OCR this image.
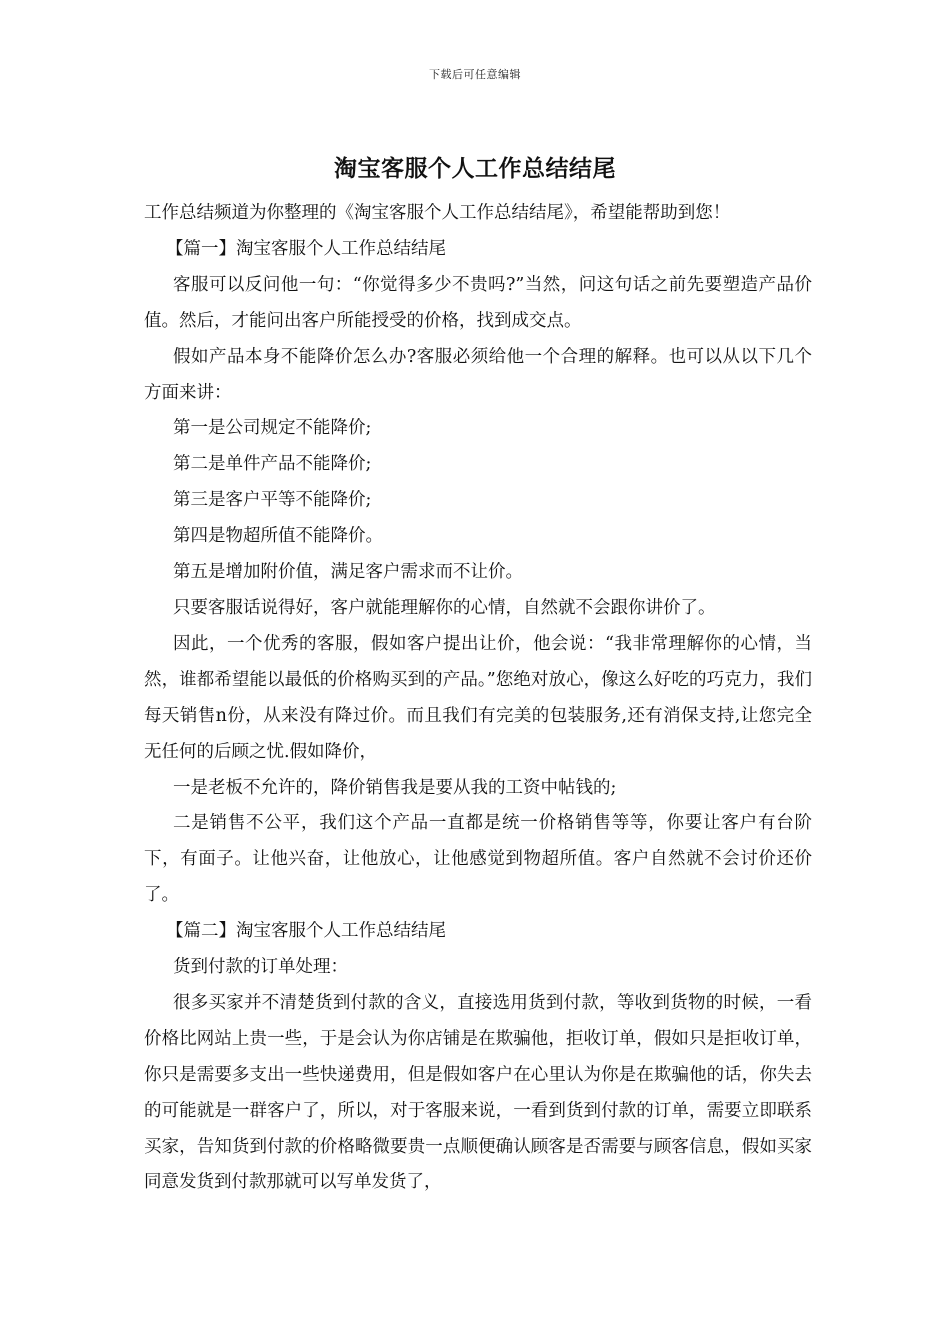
下载后可任意编辑
淘宝客服个人工作总结结尾

工作总结频道为你整理的《淘宝客服个人工作总结结尾》，希望能帮助到您！

【篇一】淘宝客服个人工作总结结尾

客服可以反问他一句：“你觉得多少不贵吗?”当然，问这句话之前先要塑造产品价值。然后，才能问出客户所能授受的价格，找到成交点。

假如产品本身不能降价怎么办?客服必须给他一个合理的解释。也可以从以下几个方面来讲：

第一是公司规定不能降价;

第二是单件产品不能降价;

第三是客户平等不能降价;

第四是物超所值不能降价。

第五是增加附价值，满足客户需求而不让价。

只要客服话说得好，客户就能理解你的心情，自然就不会跟你讲价了。

因此，一个优秀的客服，假如客户提出让价，他会说：“我非常理解你的心情，当然，谁都希望能以最低的价格购买到的产品。”您绝对放心，像这么好吃的巧克力，我们每天销售n份，从来没有降过价。而且我们有完美的包装服务,还有消保支持,让您完全无任何的后顾之忧.假如降价，

一是老板不允许的，降价销售我是要从我的工资中帖钱的;

二是销售不公平，我们这个产品一直都是统一价格销售等等，你要让客户有台阶下，有面子。让他兴奋，让他放心，让他感觉到物超所值。客户自然就不会讨价还价了。

【篇二】淘宝客服个人工作总结结尾

货到付款的订单处理：

很多买家并不清楚货到付款的含义，直接选用货到付款，等收到货物的时候，一看价格比网站上贵一些，于是会认为你店铺是在欺骗他，拒收订单，假如只是拒收订单，你只是需要多支出一些快递费用，但是假如客户在心里认为你是在欺骗他的话，你失去的可能就是一群客户了，所以，对于客服来说，一看到货到付款的订单，需要立即联系买家，告知货到付款的价格略微要贵一点顺便确认顾客是否需要与顾客信息，假如买家同意发货到付款那就可以写单发货了，
